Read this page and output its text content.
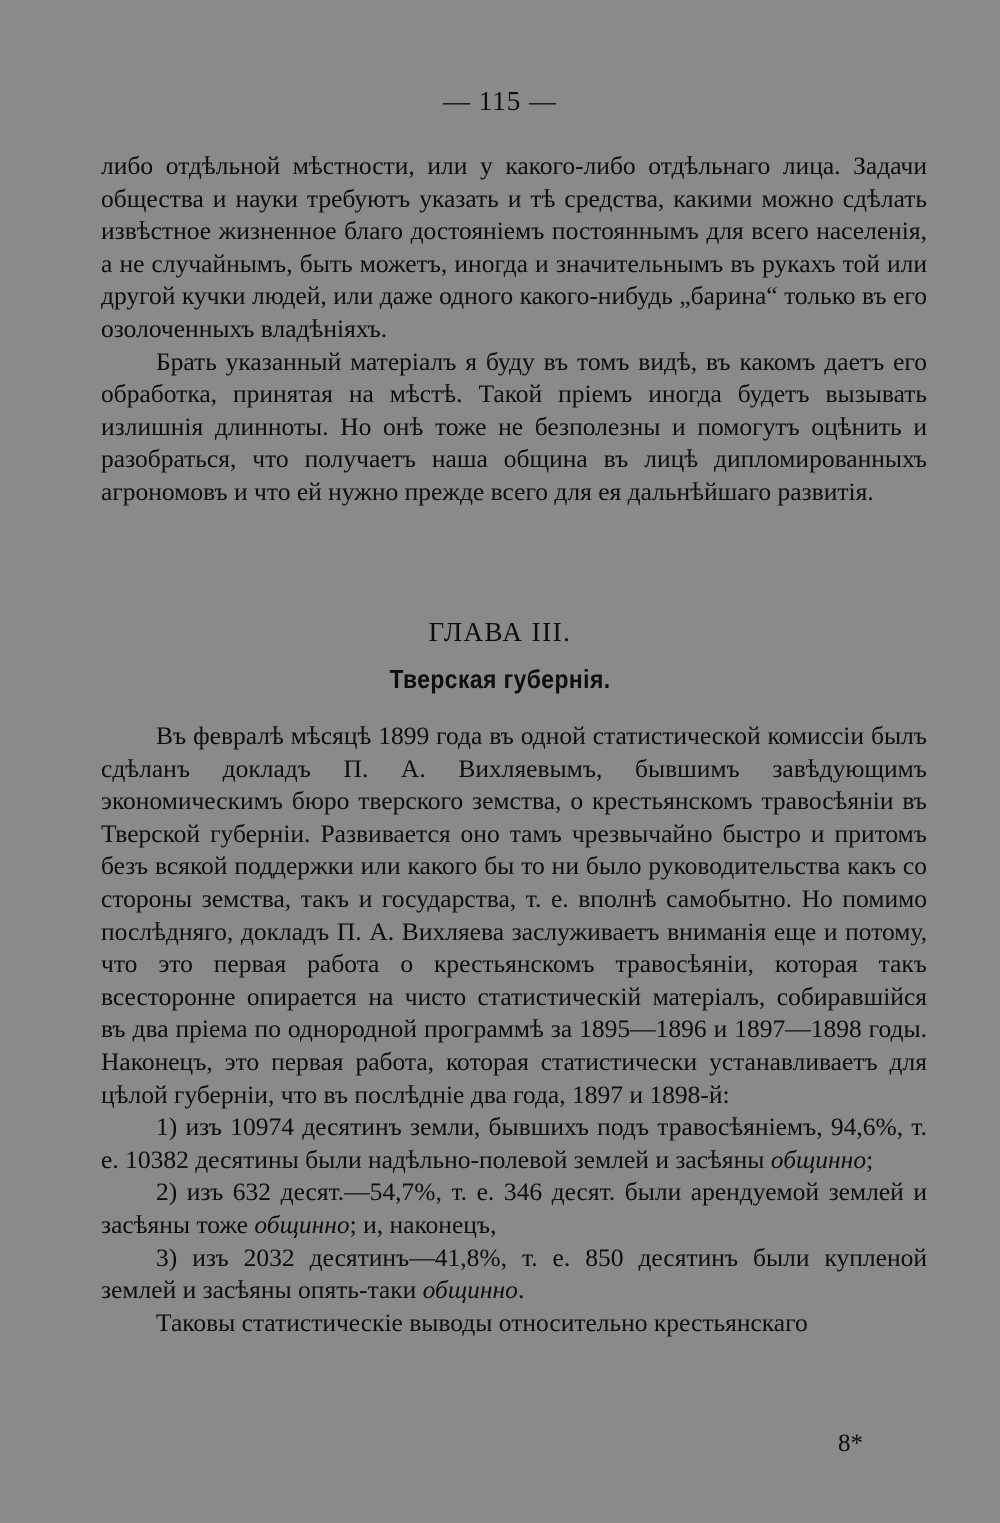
— 115 —

либо отдѣльной мѣстности, или у какого-либо отдѣльнаго лица. Задачи общества и науки требуютъ указать и тѣ средства, какими можно сдѣлать извѣстное жизненное благо достояніемъ постояннымъ для всего населенія, а не случайнымъ, быть можетъ, иногда и значительнымъ въ рукахъ той или другой кучки людей, или даже одного какого-нибудь „барина“ только въ его озолоченныхъ владѣніяхъ.

Брать указанный матеріалъ я буду въ томъ видѣ, въ какомъ даетъ его обработка, принятая на мѣстѣ. Такой пріемъ иногда будетъ вызывать излишнія длинноты. Но онѣ тоже не безполезны и помогутъ оцѣнить и разобраться, что получаетъ наша община въ лицѣ дипломированныхъ агрономовъ и что ей нужно прежде всего для ея дальнѣйшаго развитія.

ГЛАВА III.
Тверская губернія.

Въ февралѣ мѣсяцѣ 1899 года въ одной статистической комиссіи былъ сдѣланъ докладъ П. А. Вихляевымъ, бывшимъ завѣдующимъ экономическимъ бюро тверского земства, о крестьянскомъ травосѣяніи въ Тверской губерніи. Развивается оно тамъ чрезвычайно быстро и притомъ безъ всякой поддержки или какого бы то ни было руководительства какъ со стороны земства, такъ и государства, т. е. вполнѣ самобытно. Но помимо послѣдняго, докладъ П. А. Вихляева заслуживаетъ вниманія еще и потому, что это первая работа о крестьянскомъ травосѣяніи, которая такъ всесторонне опирается на чисто статистическій матеріалъ, собиравшійся въ два пріема по однородной программѣ за 1895—1896 и 1897—1898 годы. Наконецъ, это первая работа, которая статистически устанавливаетъ для цѣлой губерніи, что въ послѣдніе два года, 1897 и 1898-й:

1) изъ 10974 десятинъ земли, бывшихъ подъ травосѣяніемъ, 94,6%, т. е. 10382 десятины были надѣльно-полевой землей и засѣяны общинно;

2) изъ 632 десят.—54,7%, т. е. 346 десят. были арендуемой землей и засѣяны тоже общинно; и, наконецъ,

3) изъ 2032 десятинъ—41,8%, т. е. 850 десятинъ были купленой землей и засѣяны опять-таки общинно.

Таковы статистическіе выводы относительно крестьянскаго

8*
